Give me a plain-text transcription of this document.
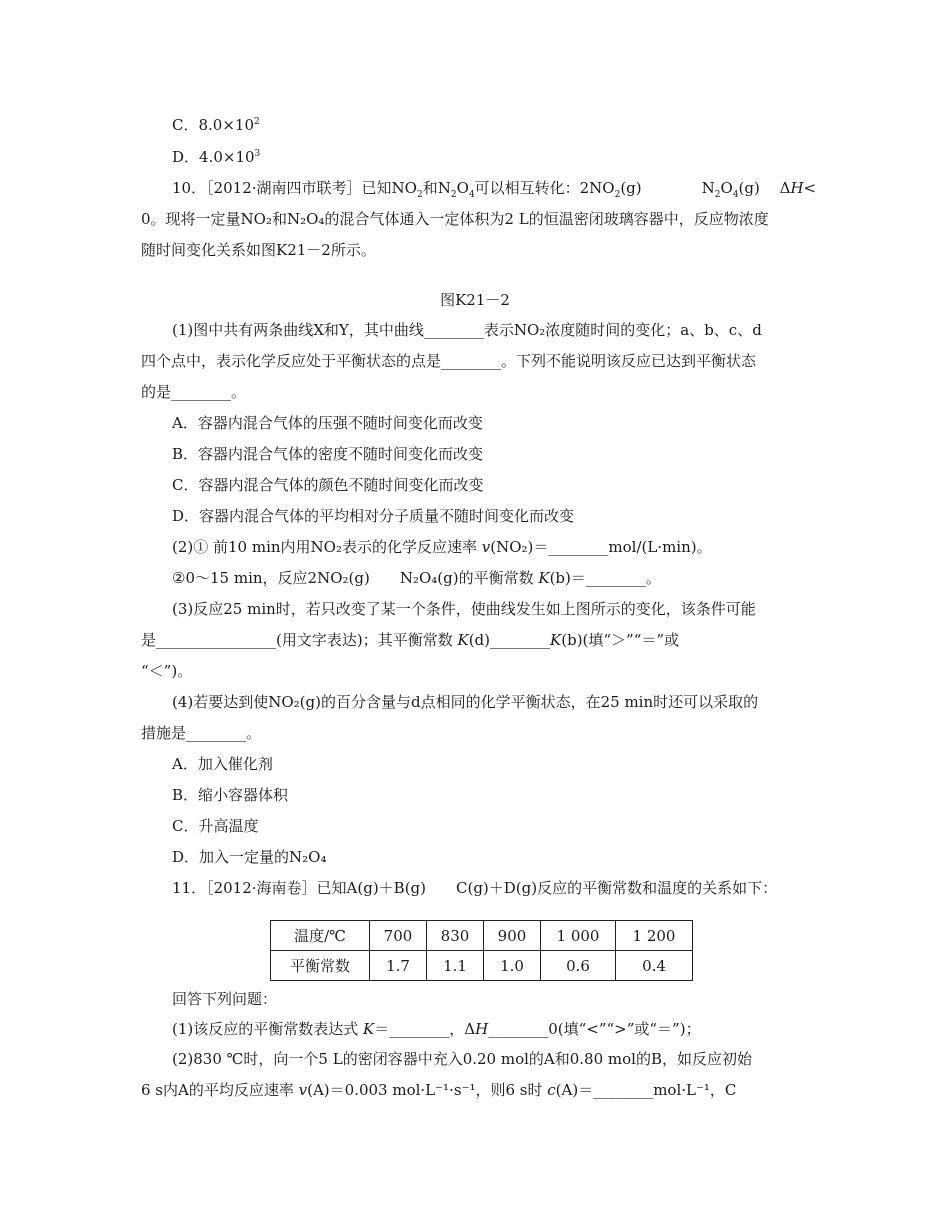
C．$8.0\times 10^2$
D．$4.0\times 10^3$
10．［2012·湖南四市联考］已知$NO_2$和$N_2O_4$可以相互转化：$2NO_2(g)$	$N_2O_4(g)$　 ΔH<
0。现将一定量NO₂和N₂O₄的混合气体通入一定体积为2 L的恒温密闭玻璃容器中，反应物浓度
随时间变化关系如图K21－2所示。
图K21－2
(1)图中共有两条曲线X和Y，其中曲线________表示NO₂浓度随时间的变化；a、b、c、d
四个点中，表示化学反应处于平衡状态的点是________。下列不能说明该反应已达到平衡状态
的是________。
A．容器内混合气体的压强不随时间变化而改变
B．容器内混合气体的密度不随时间变化而改变
C．容器内混合气体的颜色不随时间变化而改变
D．容器内混合气体的平均相对分子质量不随时间变化而改变
(2)① 前10 min内用NO₂表示的化学反应速率 v(NO₂)＝________mol/(L·min)。
②0～15 min，反应2NO₂(g)　　N₂O₄(g)的平衡常数 K(b)＝________。
(3)反应25 min时，若只改变了某一个条件，使曲线发生如上图所示的变化，该条件可能
是________________(用文字表达)；其平衡常数 K(d)________K(b)(填“＞”“＝”或
“＜”)。
(4)若要达到使NO₂(g)的百分含量与d点相同的化学平衡状态，在25 min时还可以采取的
措施是________。
A．加入催化剂
B．缩小容器体积
C．升高温度
D．加入一定量的N₂O₄
11．［2012·海南卷］已知A(g)＋B(g)　　C(g)＋D(g)反应的平衡常数和温度的关系如下：
温度/℃	700	830	900	1 000	1 200
平衡常数	1.7	1.1	1.0	0.6	0.4
回答下列问题：
(1)该反应的平衡常数表达式 K＝________，ΔH________0(填“<”“>”或“＝”)；
(2)830 ℃时，向一个5 L的密闭容器中充入0.20 mol的A和0.80 mol的B，如反应初始
6 s内A的平均反应速率 v(A)＝0.003 mol·L⁻¹·s⁻¹，则6 s时 c(A)＝________mol·L⁻¹，C
